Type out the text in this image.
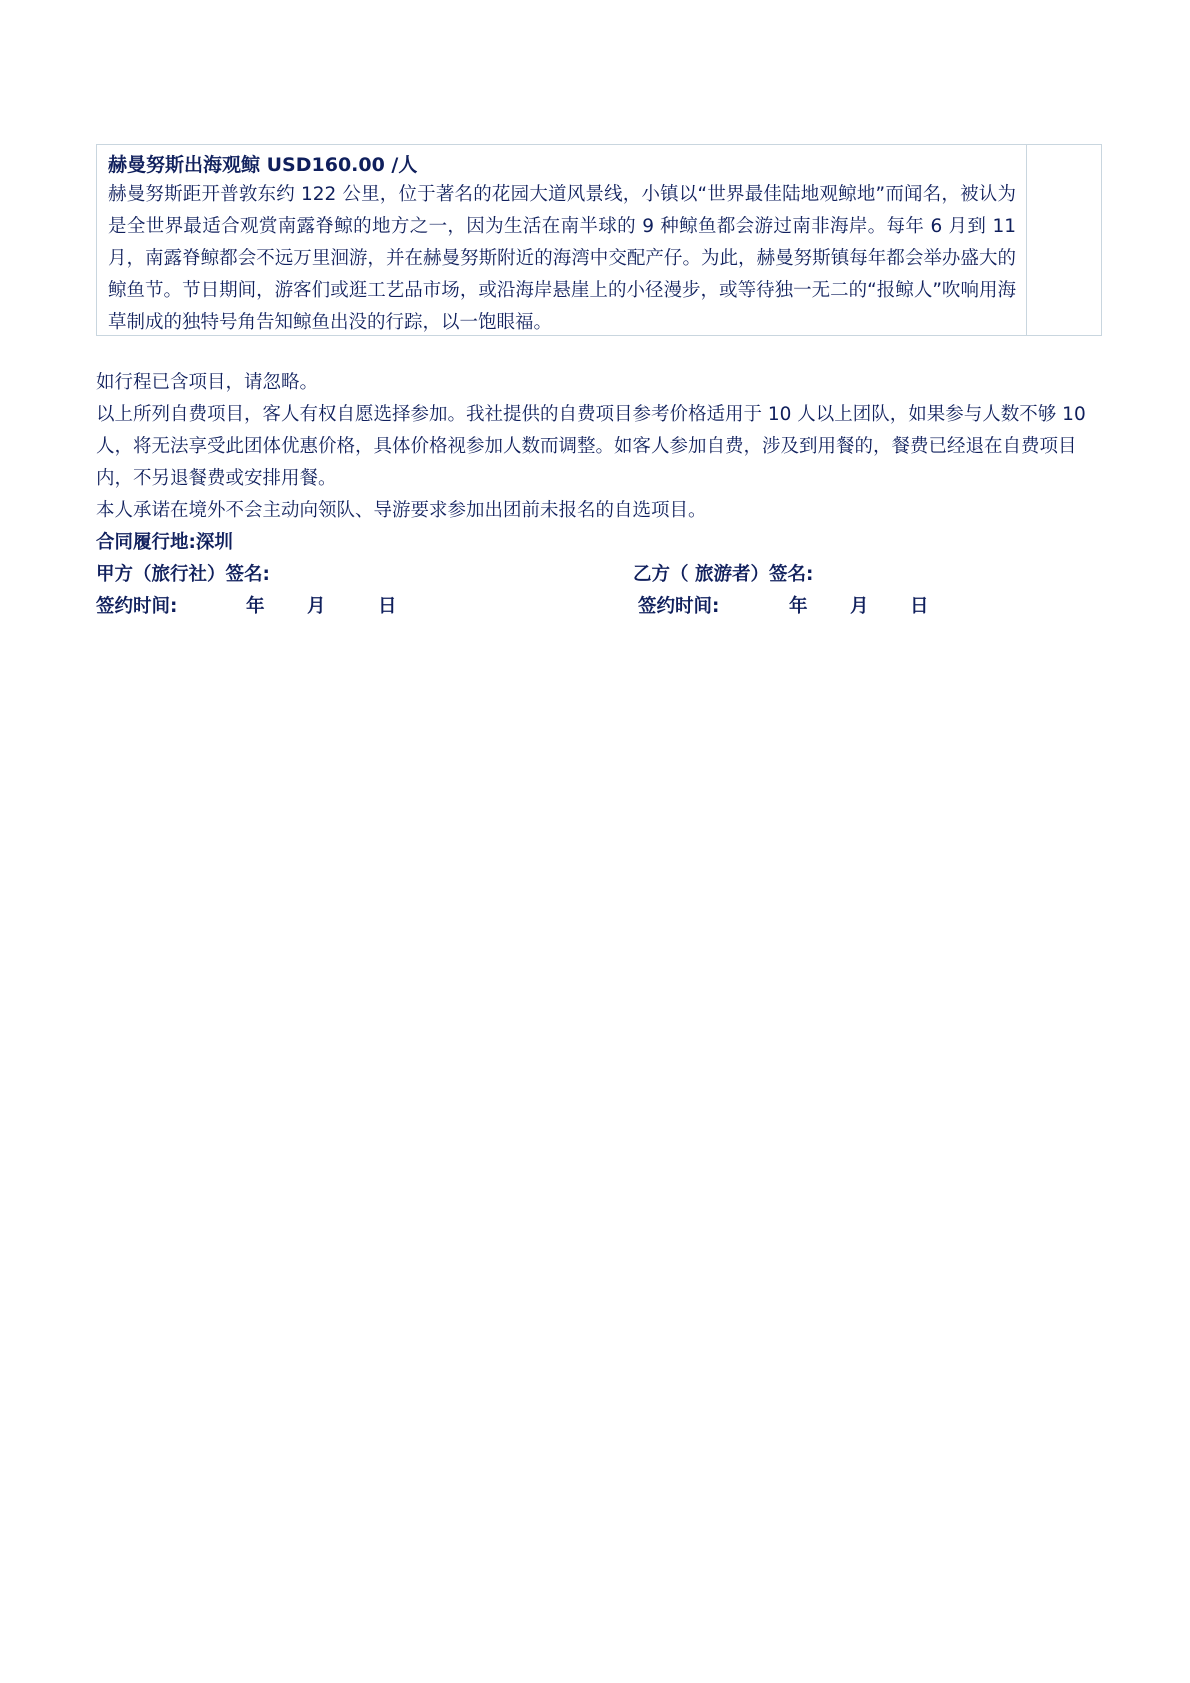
赫曼努斯出海观鲸 USD160.00 /人
赫曼努斯距开普敦东约 122 公里，位于著名的花园大道风景线，小镇以“世界最佳陆地观鲸地”而闻名，被认为是全世界最适合观赏南露脊鲸的地方之一，因为生活在南半球的 9 种鲸鱼都会游过南非海岸。每年 6 月到 11 月，南露脊鲸都会不远万里洄游，并在赫曼努斯附近的海湾中交配产仔。为此，赫曼努斯镇每年都会举办盛大的鲸鱼节。节日期间，游客们或逛工艺品市场，或沿海岸悬崖上的小径漫步，或等待独一无二的“报鲸人”吹响用海草制成的独特号角告知鲸鱼出没的行踪，以一饱眼福。

如行程已含项目，请忽略。

以上所列自费项目，客人有权自愿选择参加。我社提供的自费项目参考价格适用于 10 人以上团队，如果参与人数不够 10 人，将无法享受此团体优惠价格，具体价格视参加人数而调整。如客人参加自费，涉及到用餐的，餐费已经退在自费项目内，不另退餐费或安排用餐。

本人承诺在境外不会主动向领队、导游要求参加出团前未报名的自选项目。

合同履行地:深圳

甲方（旅行社）签名:	乙方（ 旅游者）签名:
签约时间:	年 月	日	签约时间:	年 月 日
